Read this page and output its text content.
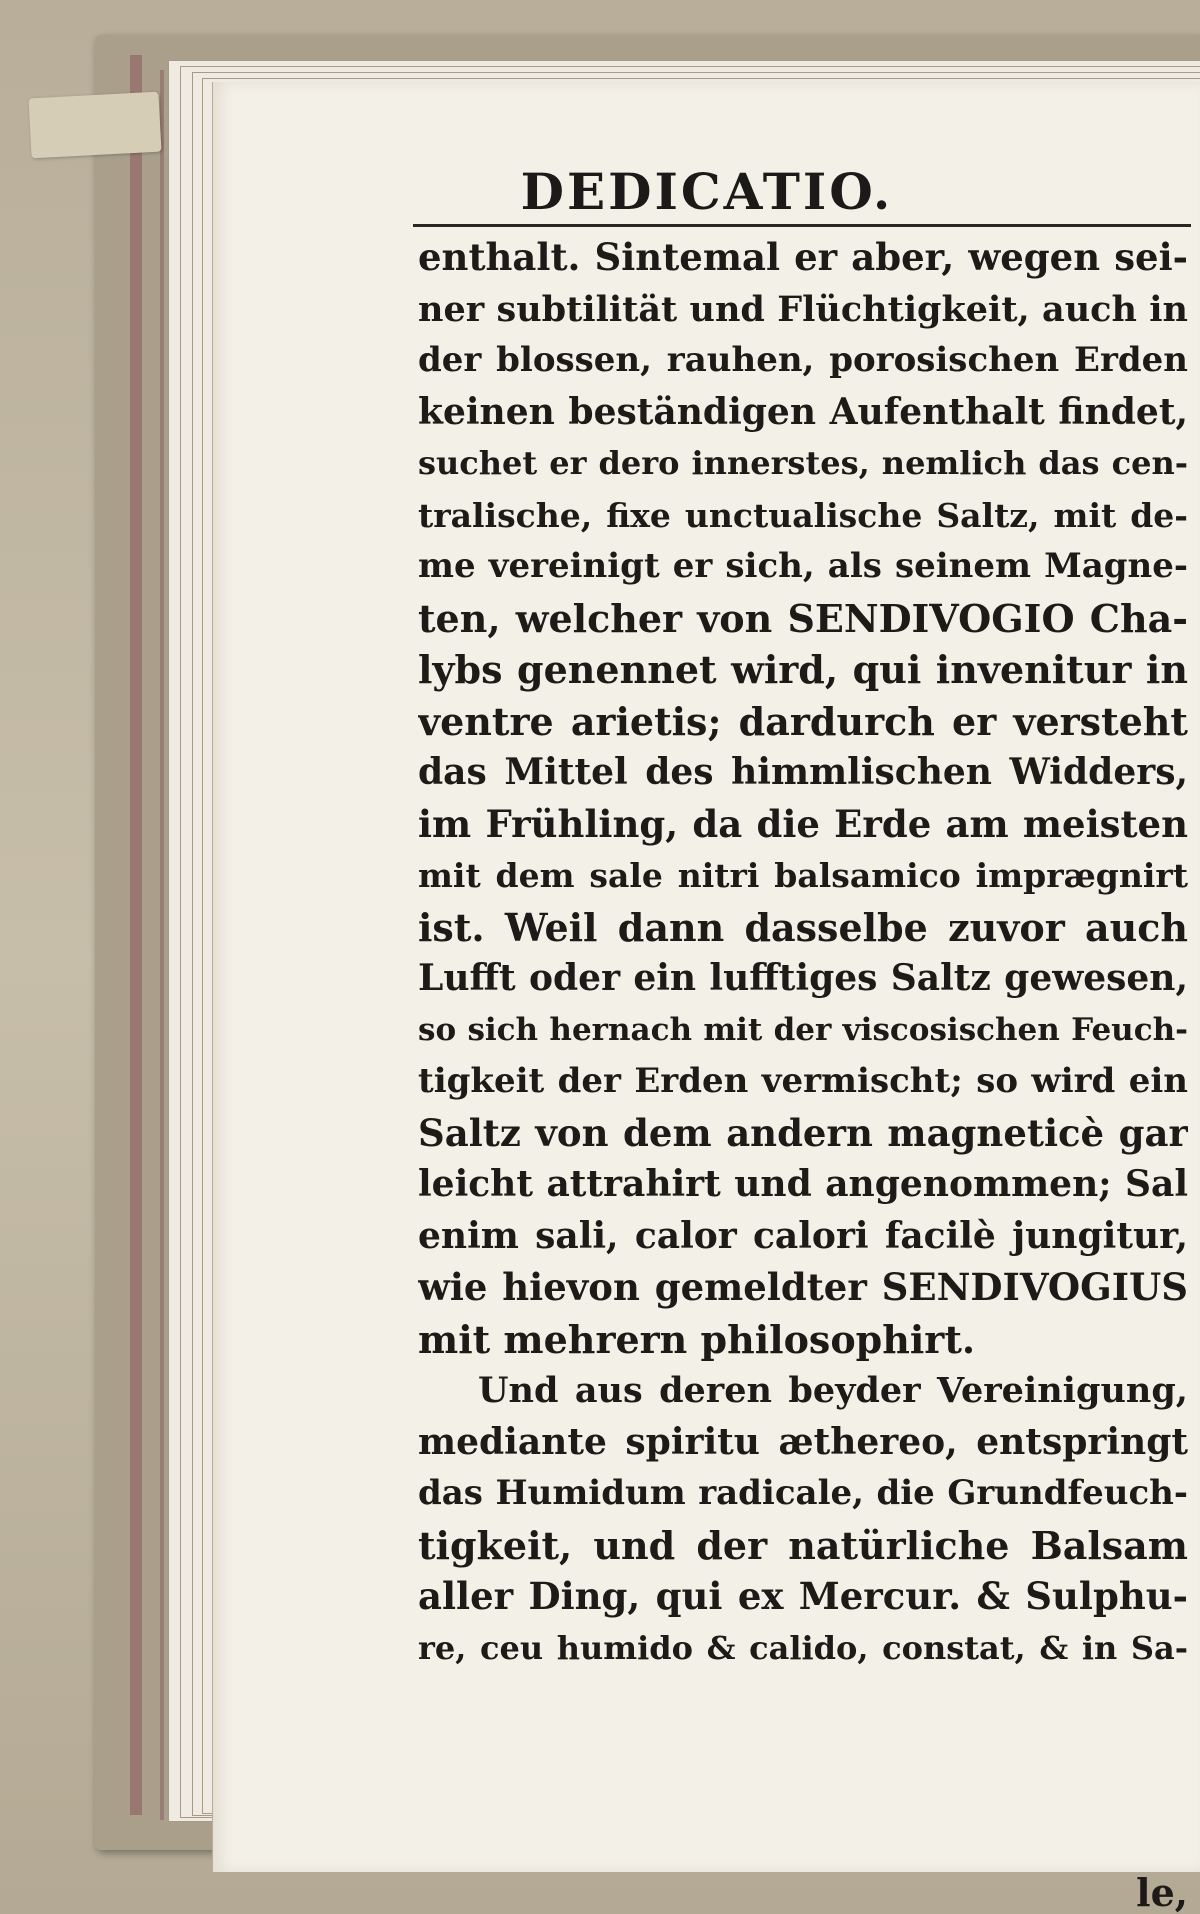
DEDICATIO.
enthalt. Sintemal er aber, wegen sei-
ner subtilität und Flüchtigkeit, auch in
der blossen, rauhen, porosischen Erden
keinen beständigen Aufenthalt findet,
suchet er dero innerstes, nemlich das cen-
tralische, fixe unctualische Saltz, mit de-
me vereinigt er sich, als seinem Magne-
ten, welcher von SENDIVOGIO Cha-
lybs genennet wird, qui invenitur in
ventre arietis; dardurch er versteht
das Mittel des himmlischen Widders,
im Frühling, da die Erde am meisten
mit dem sale nitri balsamico imprægnirt
ist. Weil dann dasselbe zuvor auch
Lufft oder ein lufftiges Saltz gewesen,
so sich hernach mit der viscosischen Feuch-
tigkeit der Erden vermischt; so wird ein
Saltz von dem andern magneticè gar
leicht attrahirt und angenommen; Sal
enim sali, calor calori facilè jungitur,
wie hievon gemeldter SENDIVOGIUS
mit mehrern philosophirt.
Und aus deren beyder Vereinigung,
mediante spiritu æthereo, entspringt
das Humidum radicale, die Grundfeuch-
tigkeit, und der natürliche Balsam
aller Ding, qui ex Mercur. & Sulphu-
re, ceu humido & calido, constat, & in Sa-
le,
